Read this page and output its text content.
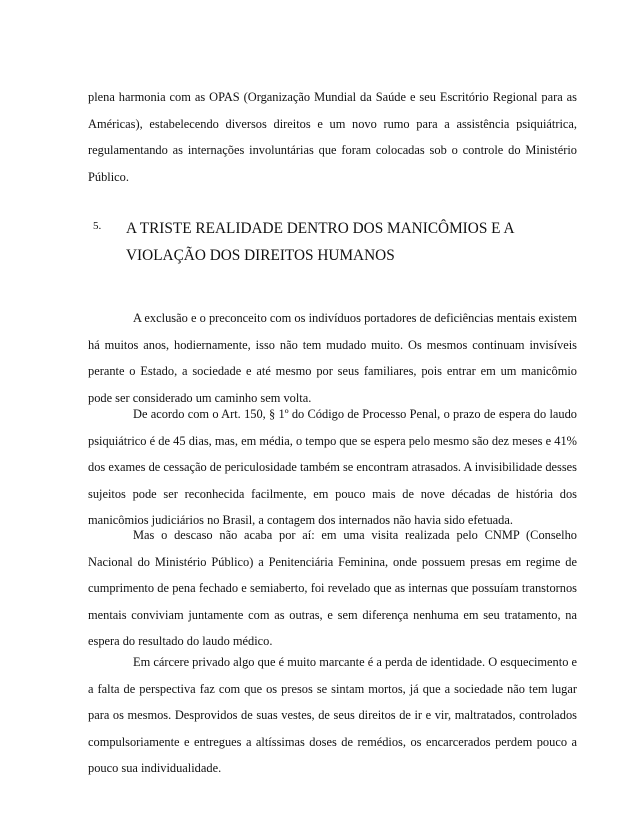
plena harmonia com as OPAS (Organização Mundial da Saúde e seu Escritório Regional para as Américas), estabelecendo diversos direitos e um novo rumo para a assistência psiquiátrica, regulamentando as internações involuntárias que foram colocadas sob o controle do Ministério Público.

5. A TRISTE REALIDADE DENTRO DOS MANICÔMIOS E A VIOLAÇÃO DOS DIREITOS HUMANOS

A exclusão e o preconceito com os indivíduos portadores de deficiências mentais existem há muitos anos, hodiernamente, isso não tem mudado muito. Os mesmos continuam invisíveis perante o Estado, a sociedade e até mesmo por seus familiares, pois entrar em um manicômio pode ser considerado um caminho sem volta.

De acordo com o Art. 150, § 1º do Código de Processo Penal, o prazo de espera do laudo psiquiátrico é de 45 dias, mas, em média, o tempo que se espera pelo mesmo são dez meses e 41% dos exames de cessação de periculosidade também se encontram atrasados. A invisibilidade desses sujeitos pode ser reconhecida facilmente, em pouco mais de nove décadas de história dos manicômios judiciários no Brasil, a contagem dos internados não havia sido efetuada.

Mas o descaso não acaba por aí: em uma visita realizada pelo CNMP (Conselho Nacional do Ministério Público) a Penitenciária Feminina, onde possuem presas em regime de cumprimento de pena fechado e semiaberto, foi revelado que as internas que possuíam transtornos mentais conviviam juntamente com as outras, e sem diferença nenhuma em seu tratamento, na espera do resultado do laudo médico.

Em cárcere privado algo que é muito marcante é a perda de identidade. O esquecimento e a falta de perspectiva faz com que os presos se sintam mortos, já que a sociedade não tem lugar para os mesmos. Desprovidos de suas vestes, de seus direitos de ir e vir, maltratados, controlados compulsoriamente e entregues a altíssimas doses de remédios, os encarcerados perdem pouco a pouco sua individualidade.
